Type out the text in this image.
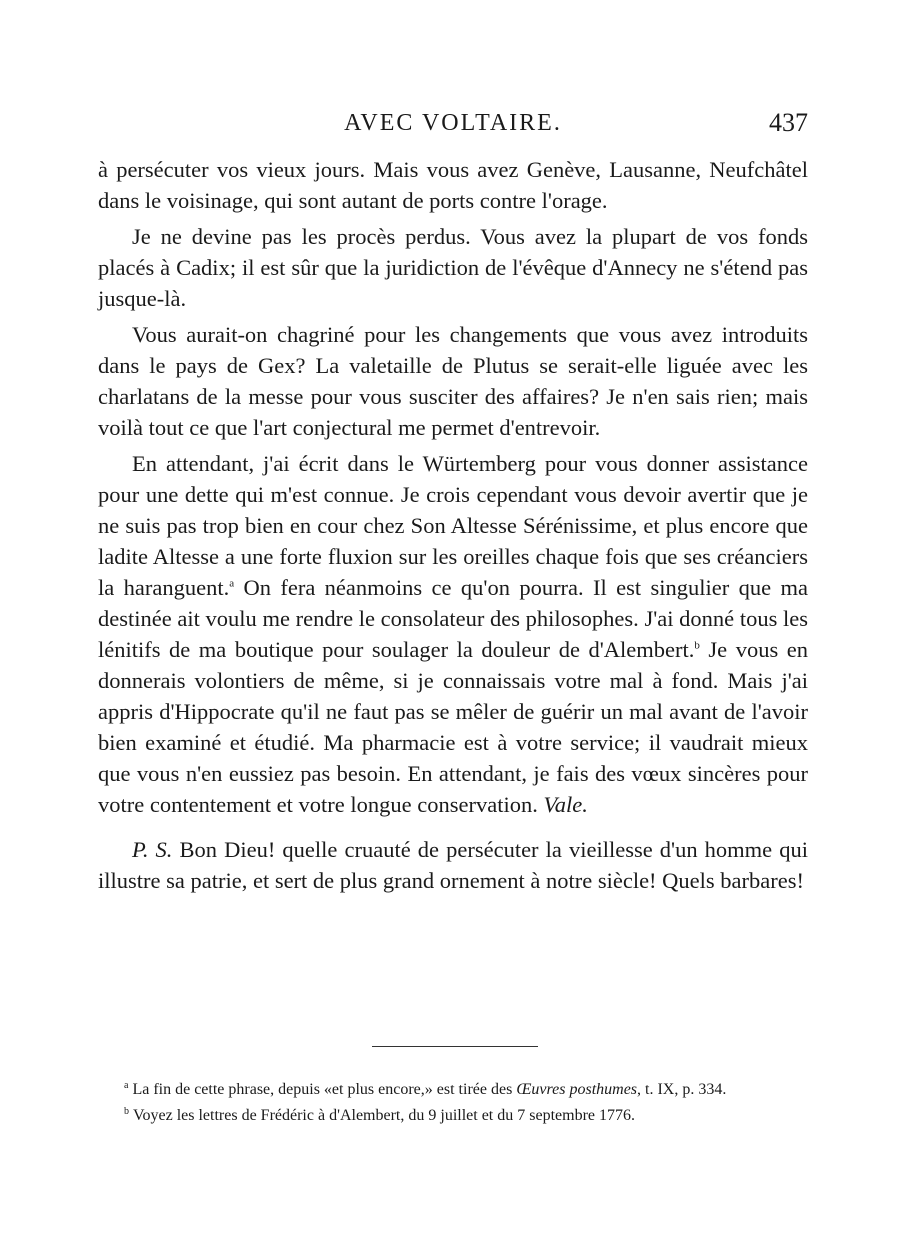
AVEC VOLTAIRE.	437

à persécuter vos vieux jours. Mais vous avez Genève, Lausanne, Neufchâtel dans le voisinage, qui sont autant de ports contre l'orage.

Je ne devine pas les procès perdus. Vous avez la plupart de vos fonds placés à Cadix; il est sûr que la juridiction de l'évêque d'Annecy ne s'étend pas jusque-là.

Vous aurait-on chagriné pour les changements que vous avez introduits dans le pays de Gex? La valetaille de Plutus se serait-elle liguée avec les charlatans de la messe pour vous susciter des affaires? Je n'en sais rien; mais voilà tout ce que l'art conjectural me permet d'entrevoir.

En attendant, j'ai écrit dans le Würtemberg pour vous donner assistance pour une dette qui m'est connue. Je crois cependant vous devoir avertir que je ne suis pas trop bien en cour chez Son Altesse Sérénissime, et plus encore que ladite Altesse a une forte fluxion sur les oreilles chaque fois que ses créanciers la haranguent.$^a$ On fera néanmoins ce qu'on pourra. Il est singulier que ma destinée ait voulu me rendre le consolateur des philosophes. J'ai donné tous les lénitifs de ma boutique pour soulager la douleur de d'Alembert.$^b$ Je vous en donnerais volontiers de même, si je connaissais votre mal à fond. Mais j'ai appris d'Hippocrate qu'il ne faut pas se mêler de guérir un mal avant de l'avoir bien examiné et étudié. Ma pharmacie est à votre service; il vaudrait mieux que vous n'en eussiez pas besoin. En attendant, je fais des vœux sincères pour votre contentement et votre longue conservation. Vale.

P. S. Bon Dieu! quelle cruauté de persécuter la vieillesse d'un homme qui illustre sa patrie, et sert de plus grand ornement à notre siècle! Quels barbares!

$^a$ La fin de cette phrase, depuis «et plus encore,» est tirée des Œuvres posthumes, t. IX, p. 334.

$^b$ Voyez les lettres de Frédéric à d'Alembert, du 9 juillet et du 7 septembre 1776.
